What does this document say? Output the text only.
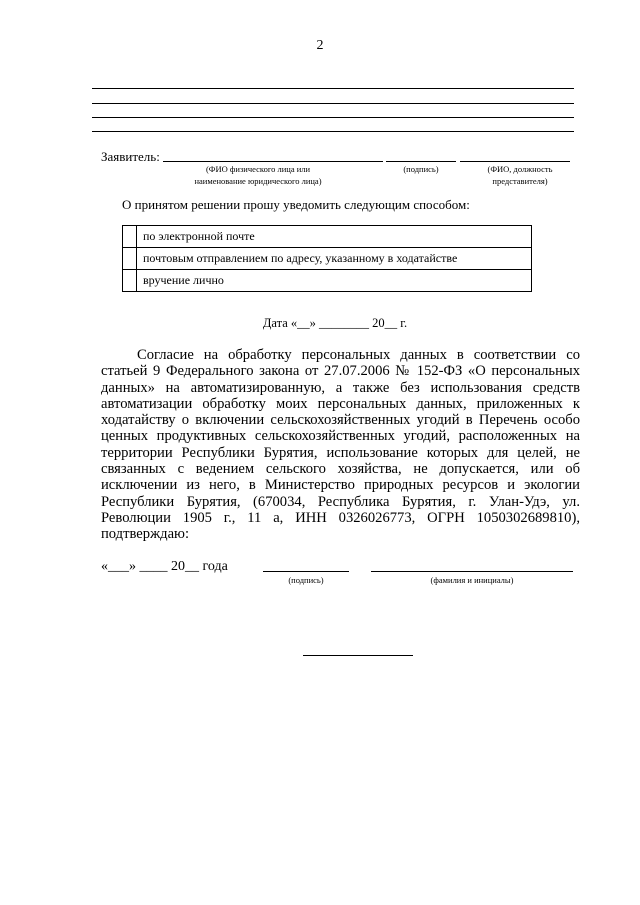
2
Заявитель:
(ФИО физического лица или
наименование юридического лица)
(подпись)	(ФИО, должность
представителя)
О принятом решении прошу уведомить следующим способом:
	по электронной почте
	почтовым отправлением по адресу, указанному в ходатайстве
	вручение лично
Дата «__» ________ 20__ г.

Согласие на обработку персональных данных в соответствии со статьей 9 Федерального закона от 27.07.2006 № 152-ФЗ «О персональных данных» на автоматизированную, а также без использования средств автоматизации обработку моих персональных данных, приложенных к ходатайству о включении сельскохозяйственных угодий в Перечень особо ценных продуктивных сельскохозяйственных угодий, расположенных на территории Республики Бурятия, использование которых для целей, не связанных с ведением сельского хозяйства, не допускается, или об исключении из него, в Министерство природных ресурсов и экологии Республики Бурятия, (670034, Республика Бурятия, г. Улан-Удэ, ул. Революции 1905 г., 11 а, ИНН 0326026773, ОГРН 1050302689810), подтверждаю:

«___» ____ 20__ года
(подпись)	(фамилия и инициалы)
